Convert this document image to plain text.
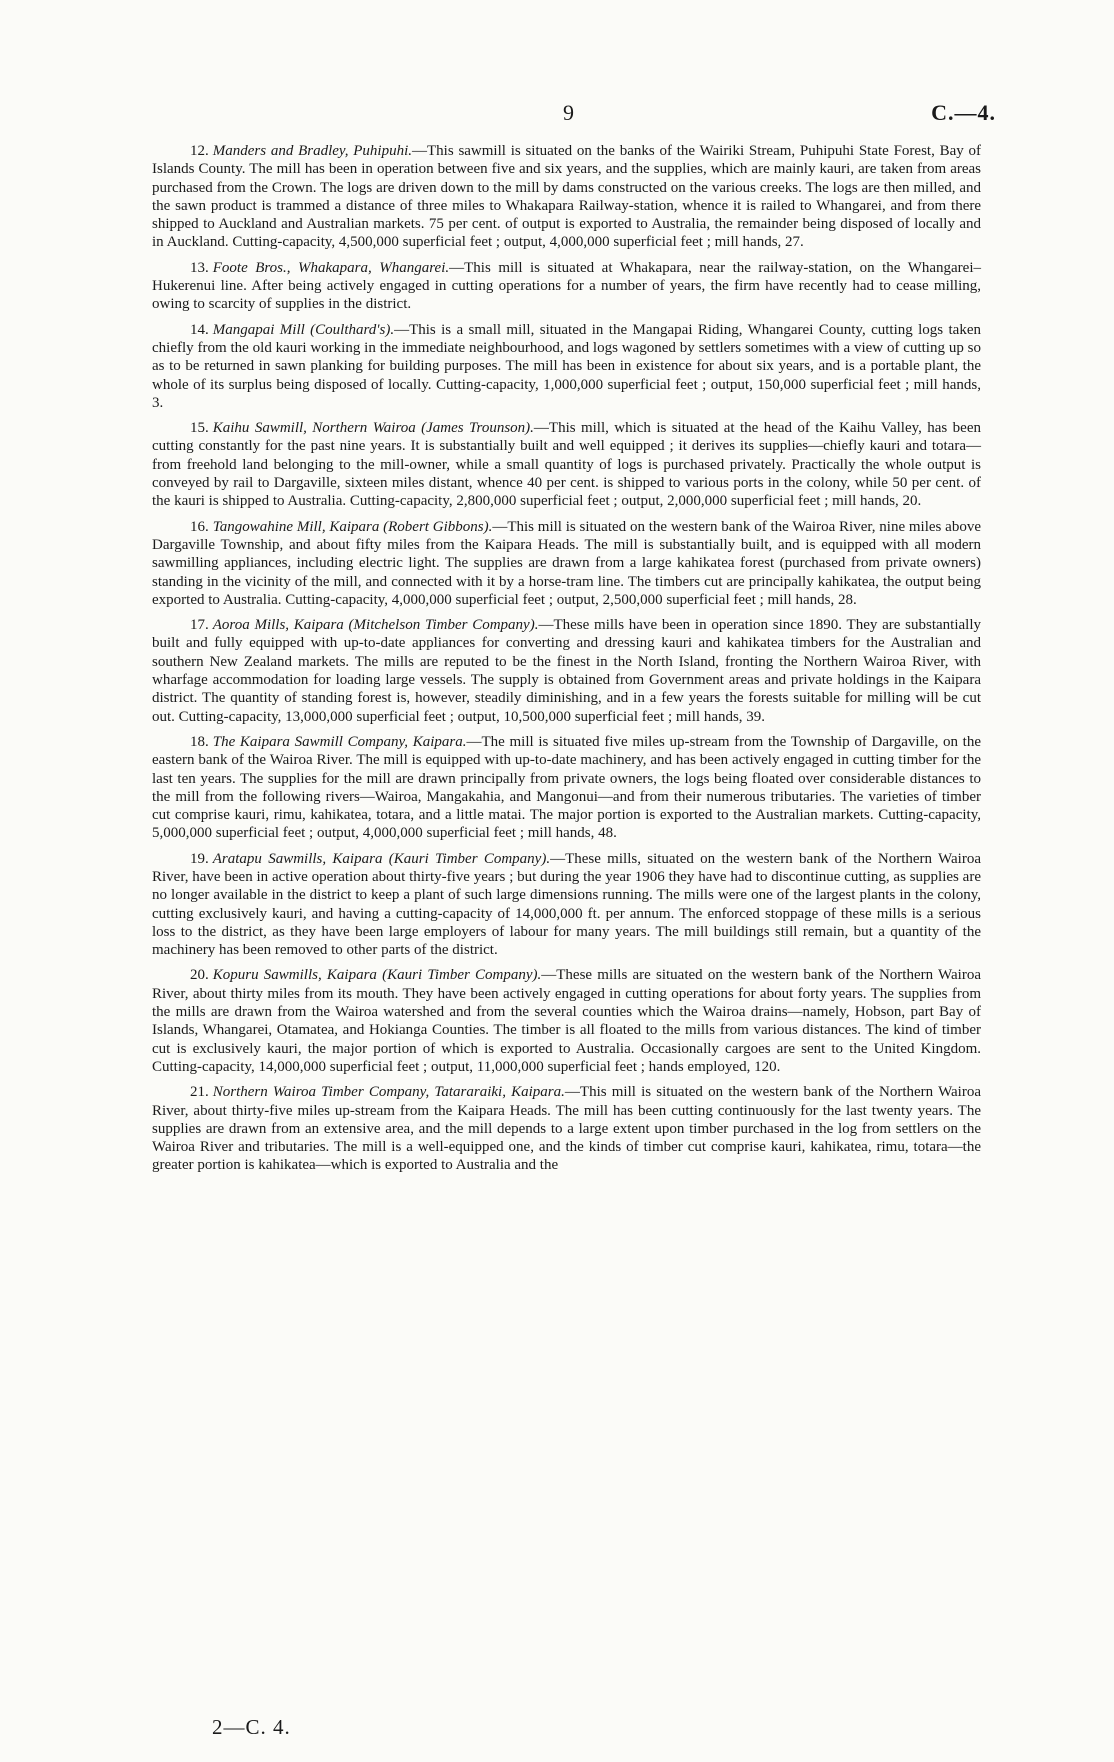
9	C.—4.

12. Manders and Bradley, Puhipuhi.—This sawmill is situated on the banks of the Wairiki Stream, Puhipuhi State Forest, Bay of Islands County. The mill has been in operation between five and six years, and the supplies, which are mainly kauri, are taken from areas purchased from the Crown. The logs are driven down to the mill by dams constructed on the various creeks. The logs are then milled, and the sawn product is trammed a distance of three miles to Whakapara Railway-station, whence it is railed to Whangarei, and from there shipped to Auckland and Australian markets. 75 per cent. of output is exported to Australia, the remainder being disposed of locally and in Auckland. Cutting-capacity, 4,500,000 superficial feet ; output, 4,000,000 superficial feet ; mill hands, 27.

13. Foote Bros., Whakapara, Whangarei.—This mill is situated at Whakapara, near the railway-station, on the Whangarei–Hukerenui line. After being actively engaged in cutting operations for a number of years, the firm have recently had to cease milling, owing to scarcity of supplies in the district.

14. Mangapai Mill (Coulthard's).—This is a small mill, situated in the Mangapai Riding, Whangarei County, cutting logs taken chiefly from the old kauri working in the immediate neighbourhood, and logs wagoned by settlers sometimes with a view of cutting up so as to be returned in sawn planking for building purposes. The mill has been in existence for about six years, and is a portable plant, the whole of its surplus being disposed of locally. Cutting-capacity, 1,000,000 superficial feet ; output, 150,000 superficial feet ; mill hands, 3.

15. Kaihu Sawmill, Northern Wairoa (James Trounson).—This mill, which is situated at the head of the Kaihu Valley, has been cutting constantly for the past nine years. It is substantially built and well equipped ; it derives its supplies—chiefly kauri and totara—from freehold land belonging to the mill-owner, while a small quantity of logs is purchased privately. Practically the whole output is conveyed by rail to Dargaville, sixteen miles distant, whence 40 per cent. is shipped to various ports in the colony, while 50 per cent. of the kauri is shipped to Australia. Cutting-capacity, 2,800,000 superficial feet ; output, 2,000,000 superficial feet ; mill hands, 20.

16. Tangowahine Mill, Kaipara (Robert Gibbons).—This mill is situated on the western bank of the Wairoa River, nine miles above Dargaville Township, and about fifty miles from the Kaipara Heads. The mill is substantially built, and is equipped with all modern sawmilling appliances, including electric light. The supplies are drawn from a large kahikatea forest (purchased from private owners) standing in the vicinity of the mill, and connected with it by a horse-tram line. The timbers cut are principally kahikatea, the output being exported to Australia. Cutting-capacity, 4,000,000 superficial feet ; output, 2,500,000 superficial feet ; mill hands, 28.

17. Aoroa Mills, Kaipara (Mitchelson Timber Company).—These mills have been in operation since 1890. They are substantially built and fully equipped with up-to-date appliances for converting and dressing kauri and kahikatea timbers for the Australian and southern New Zealand markets. The mills are reputed to be the finest in the North Island, fronting the Northern Wairoa River, with wharfage accommodation for loading large vessels. The supply is obtained from Government areas and private holdings in the Kaipara district. The quantity of standing forest is, however, steadily diminishing, and in a few years the forests suitable for milling will be cut out. Cutting-capacity, 13,000,000 superficial feet ; output, 10,500,000 superficial feet ; mill hands, 39.

18. The Kaipara Sawmill Company, Kaipara.—The mill is situated five miles up-stream from the Township of Dargaville, on the eastern bank of the Wairoa River. The mill is equipped with up-to-date machinery, and has been actively engaged in cutting timber for the last ten years. The supplies for the mill are drawn principally from private owners, the logs being floated over considerable distances to the mill from the following rivers—Wairoa, Mangakahia, and Mangonui—and from their numerous tributaries. The varieties of timber cut comprise kauri, rimu, kahikatea, totara, and a little matai. The major portion is exported to the Australian markets. Cutting-capacity, 5,000,000 superficial feet ; output, 4,000,000 superficial feet ; mill hands, 48.

19. Aratapu Sawmills, Kaipara (Kauri Timber Company).—These mills, situated on the western bank of the Northern Wairoa River, have been in active operation about thirty-five years ; but during the year 1906 they have had to discontinue cutting, as supplies are no longer available in the district to keep a plant of such large dimensions running. The mills were one of the largest plants in the colony, cutting exclusively kauri, and having a cutting-capacity of 14,000,000 ft. per annum. The enforced stoppage of these mills is a serious loss to the district, as they have been large employers of labour for many years. The mill buildings still remain, but a quantity of the machinery has been removed to other parts of the district.

20. Kopuru Sawmills, Kaipara (Kauri Timber Company).—These mills are situated on the western bank of the Northern Wairoa River, about thirty miles from its mouth. They have been actively engaged in cutting operations for about forty years. The supplies from the mills are drawn from the Wairoa watershed and from the several counties which the Wairoa drains—namely, Hobson, part Bay of Islands, Whangarei, Otamatea, and Hokianga Counties. The timber is all floated to the mills from various distances. The kind of timber cut is exclusively kauri, the major portion of which is exported to Australia. Occasionally cargoes are sent to the United Kingdom. Cutting-capacity, 14,000,000 superficial feet ; output, 11,000,000 superficial feet ; hands employed, 120.

21. Northern Wairoa Timber Company, Tatararaiki, Kaipara.—This mill is situated on the western bank of the Northern Wairoa River, about thirty-five miles up-stream from the Kaipara Heads. The mill has been cutting continuously for the last twenty years. The supplies are drawn from an extensive area, and the mill depends to a large extent upon timber purchased in the log from settlers on the Wairoa River and tributaries. The mill is a well-equipped one, and the kinds of timber cut comprise kauri, kahikatea, rimu, totara—the greater portion is kahikatea—which is exported to Australia and the

2—C. 4.
